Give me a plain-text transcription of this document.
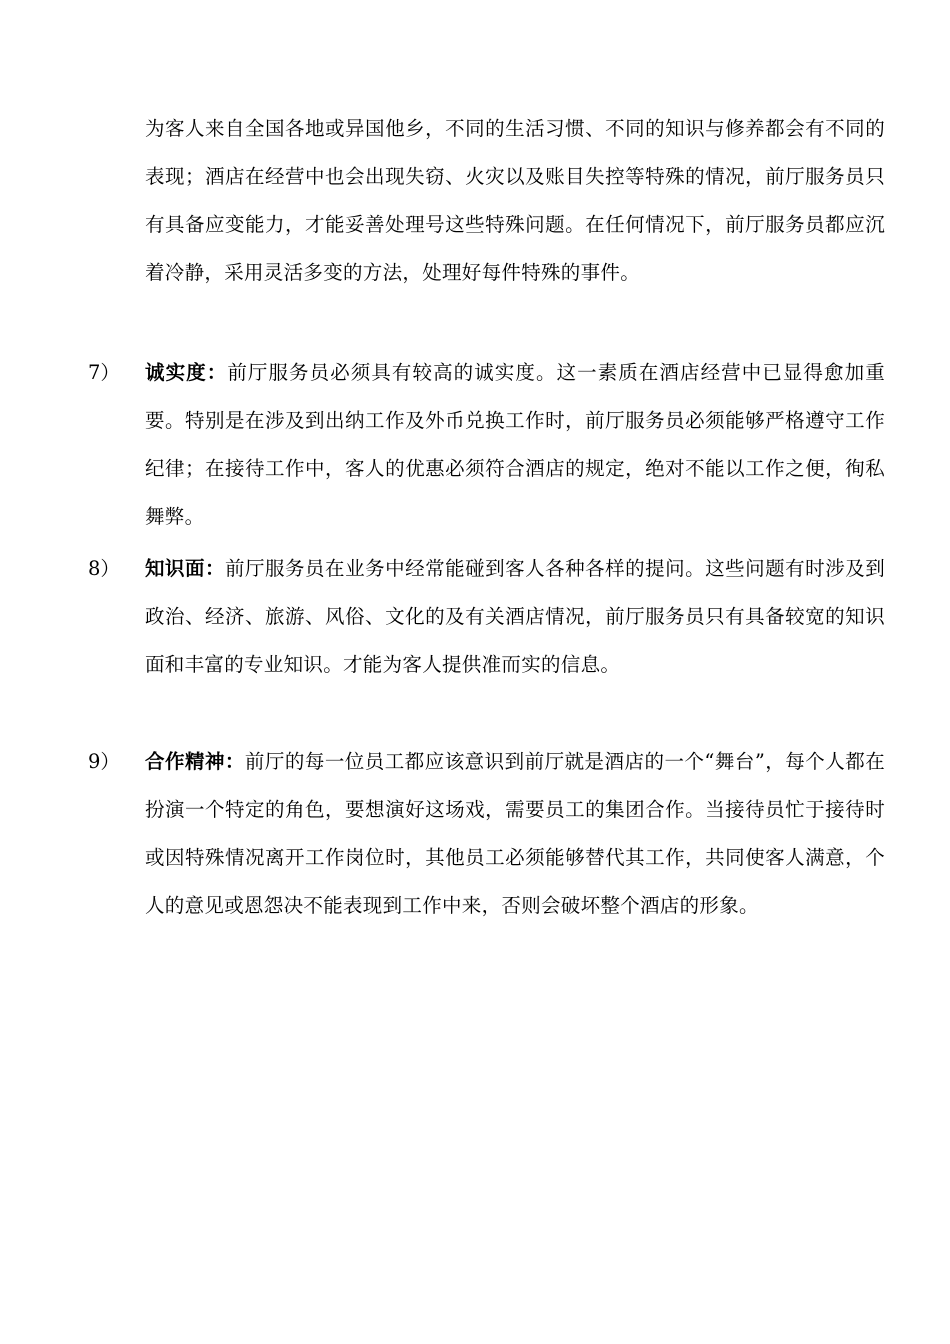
为客人来自全国各地或异国他乡，不同的生活习惯、不同的知识与修养都会有不同的表现；酒店在经营中也会出现失窃、火灾以及账目失控等特殊的情况，前厅服务员只有具备应变能力，才能妥善处理号这些特殊问题。在任何情况下，前厅服务员都应沉着冷静，采用灵活多变的方法，处理好每件特殊的事件。
7） 诚实度：前厅服务员必须具有较高的诚实度。这一素质在酒店经营中已显得愈加重要。特别是在涉及到出纳工作及外币兑换工作时，前厅服务员必须能够严格遵守工作纪律；在接待工作中，客人的优惠必须符合酒店的规定，绝对不能以工作之便，徇私舞弊。
8） 知识面：前厅服务员在业务中经常能碰到客人各种各样的提问。这些问题有时涉及到政治、经济、旅游、风俗、文化的及有关酒店情况，前厅服务员只有具备较宽的知识面和丰富的专业知识。才能为客人提供准而实的信息。
9） 合作精神：前厅的每一位员工都应该意识到前厅就是酒店的一个“舞台”，每个人都在扮演一个特定的角色，要想演好这场戏，需要员工的集团合作。当接待员忙于接待时或因特殊情况离开工作岗位时，其他员工必须能够替代其工作，共同使客人满意，个人的意见或恩怨决不能表现到工作中来，否则会破坏整个酒店的形象。
